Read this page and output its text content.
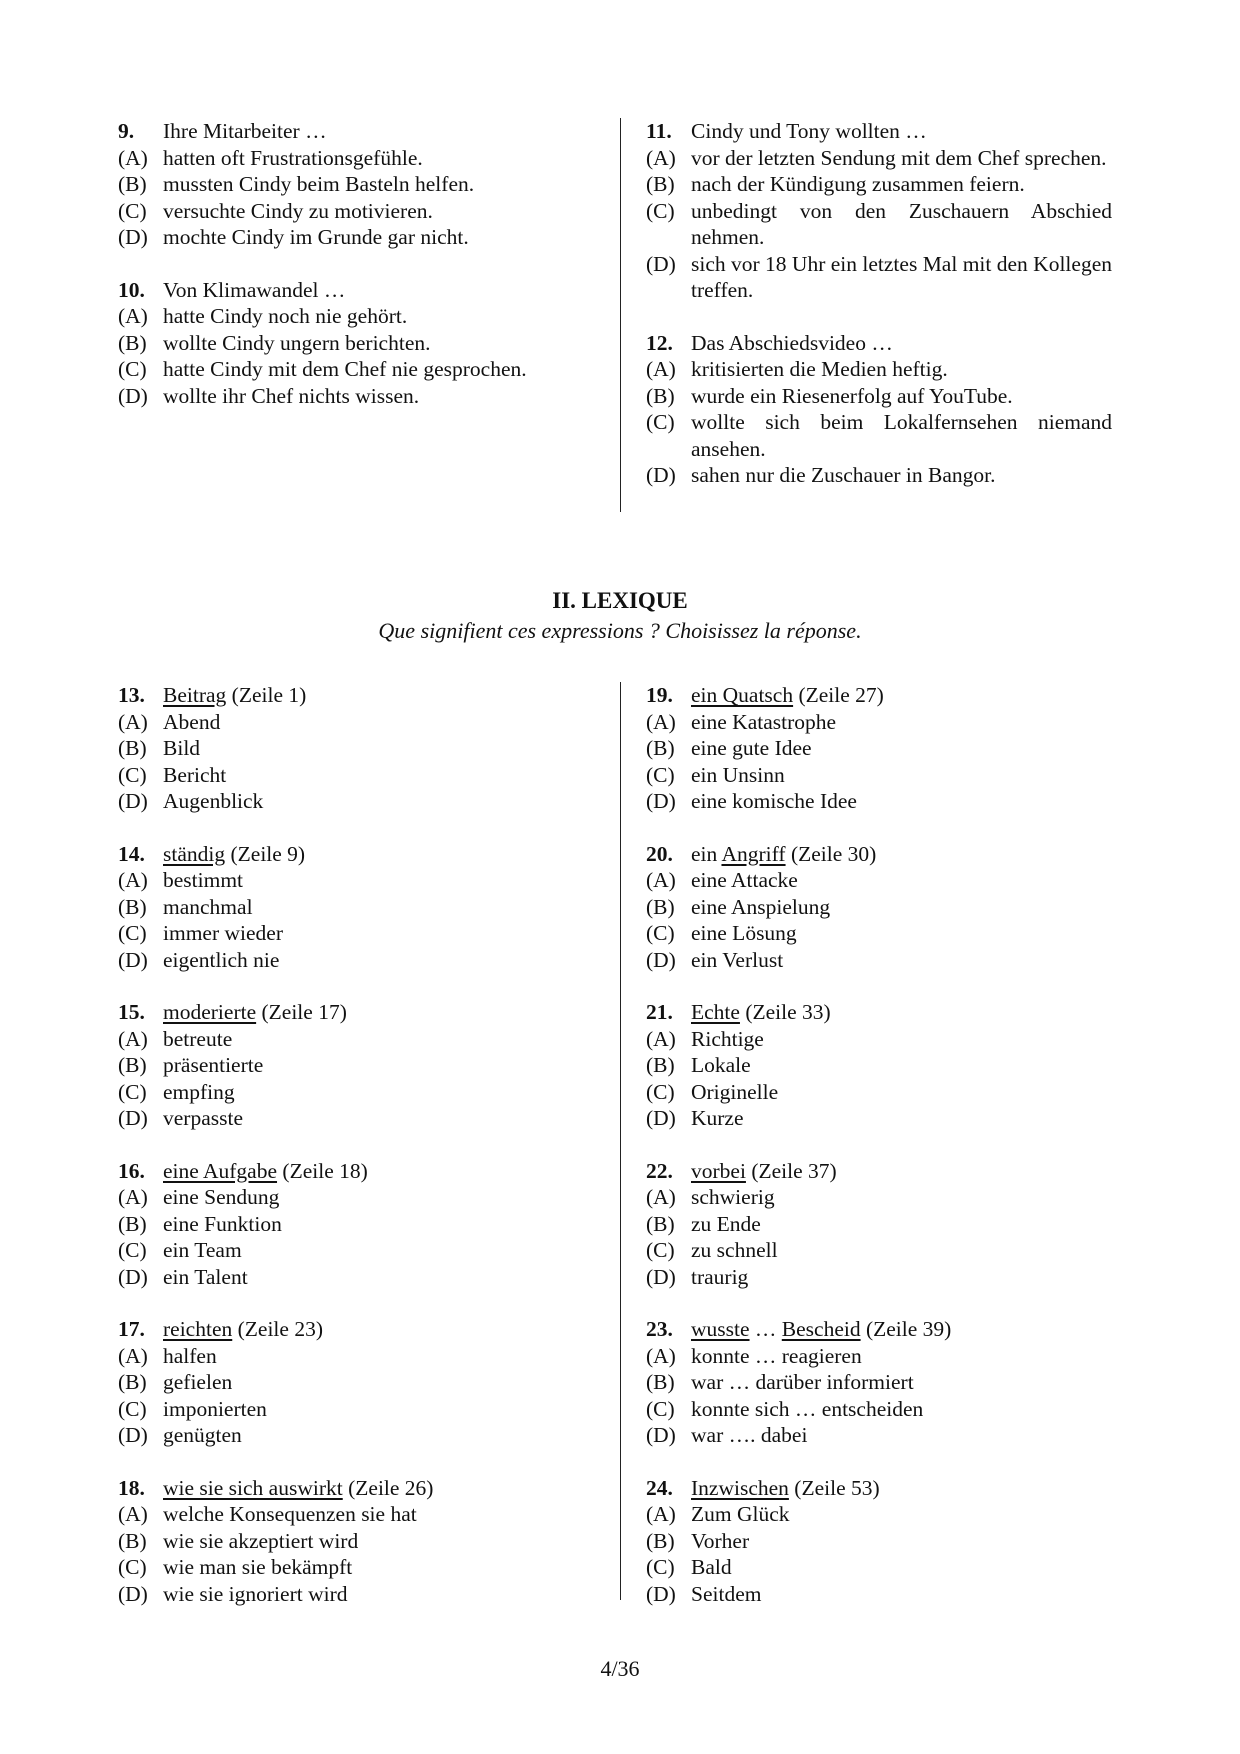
9.	Ihre Mitarbeiter …
(A) hatten oft Frustrationsgefühle.
(B) mussten Cindy beim Basteln helfen.
(C) versuchte Cindy zu motivieren.
(D) mochte Cindy im Grunde gar nicht.
10. Von Klimawandel …
(A) hatte Cindy noch nie gehört.
(B) wollte Cindy ungern berichten.
(C) hatte Cindy mit dem Chef nie gesprochen.
(D) wollte ihr Chef nichts wissen.
11. Cindy und Tony wollten …
(A) vor der letzten Sendung mit dem Chef sprechen.
(B) nach der Kündigung zusammen feiern.
(C) unbedingt von den Zuschauern Abschied nehmen.
(D) sich vor 18 Uhr ein letztes Mal mit den Kollegen treffen.
12. Das Abschiedsvideo …
(A) kritisierten die Medien heftig.
(B) wurde ein Riesenerfolg auf YouTube.
(C) wollte sich beim Lokalfernsehen niemand ansehen.
(D) sahen nur die Zuschauer in Bangor.
II. LEXIQUE
Que signifient ces expressions ? Choisissez la réponse.
13. Beitrag (Zeile 1)
(A) Abend
(B) Bild
(C) Bericht
(D) Augenblick
14. ständig (Zeile 9)
(A) bestimmt
(B) manchmal
(C) immer wieder
(D) eigentlich nie
15. moderierte (Zeile 17)
(A) betreute
(B) präsentierte
(C) empfing
(D) verpasste
16. eine Aufgabe (Zeile 18)
(A) eine Sendung
(B) eine Funktion
(C) ein Team
(D) ein Talent
17. reichten (Zeile 23)
(A) halfen
(B) gefielen
(C) imponierten
(D) genügten
18. wie sie sich auswirkt (Zeile 26)
(A) welche Konsequenzen sie hat
(B) wie sie akzeptiert wird
(C) wie man sie bekämpft
(D) wie sie ignoriert wird
19. ein Quatsch (Zeile 27)
(A) eine Katastrophe
(B) eine gute Idee
(C) ein Unsinn
(D) eine komische Idee
20. ein Angriff (Zeile 30)
(A) eine Attacke
(B) eine Anspielung
(C) eine Lösung
(D) ein Verlust
21. Echte (Zeile 33)
(A) Richtige
(B) Lokale
(C) Originelle
(D) Kurze
22. vorbei (Zeile 37)
(A) schwierig
(B) zu Ende
(C) zu schnell
(D) traurig
23. wusste … Bescheid (Zeile 39)
(A) konnte … reagieren
(B) war … darüber informiert
(C) konnte sich … entscheiden
(D) war …. dabei
24. Inzwischen (Zeile 53)
(A) Zum Glück
(B) Vorher
(C) Bald
(D) Seitdem
4/36
